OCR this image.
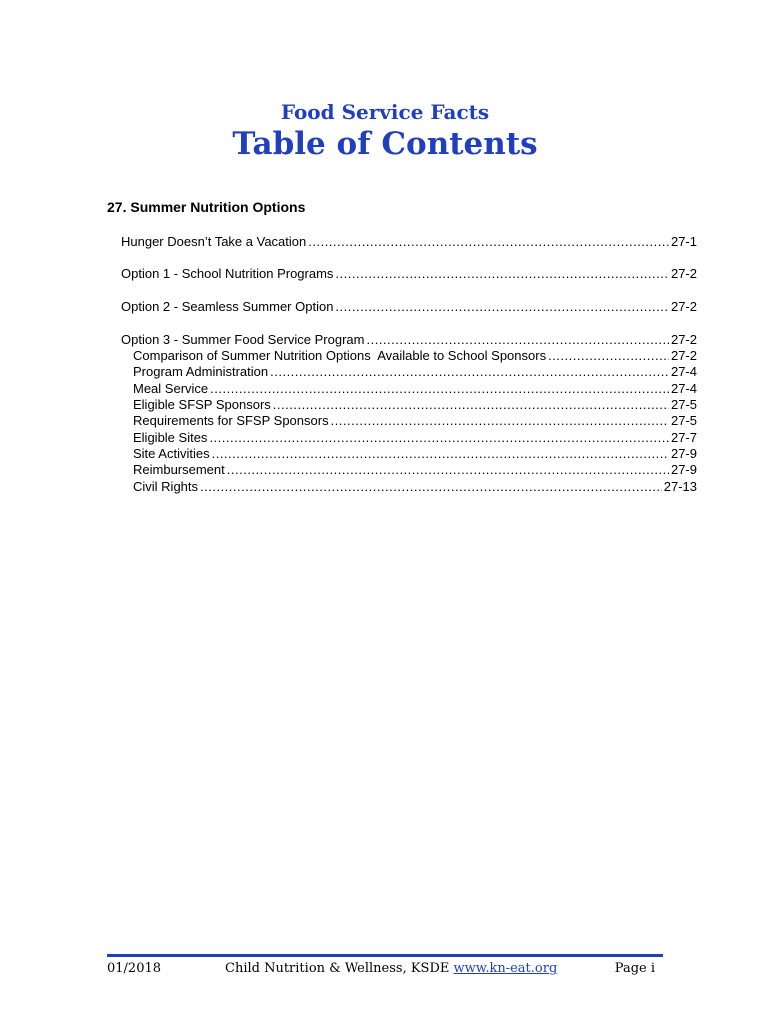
Food Service Facts
Table of Contents
27. Summer Nutrition Options
Hunger Doesn’t Take a Vacation .....	27-1
Option 1 - School Nutrition Programs .....	27-2
Option 2 - Seamless Summer Option .....	27-2
Option 3 - Summer Food Service Program .....	27-2
Comparison of Summer Nutrition Options  Available to School Sponsors .....	27-2
Program Administration .....	27-4
Meal Service .....	27-4
Eligible SFSP Sponsors .....	27-5
Requirements for SFSP Sponsors .....	27-5
Eligible Sites .....	27-7
Site Activities .....	27-9
Reimbursement .....	27-9
Civil Rights .....	27-13
01/2018	Child Nutrition & Wellness, KSDE www.kn-eat.org	Page i
